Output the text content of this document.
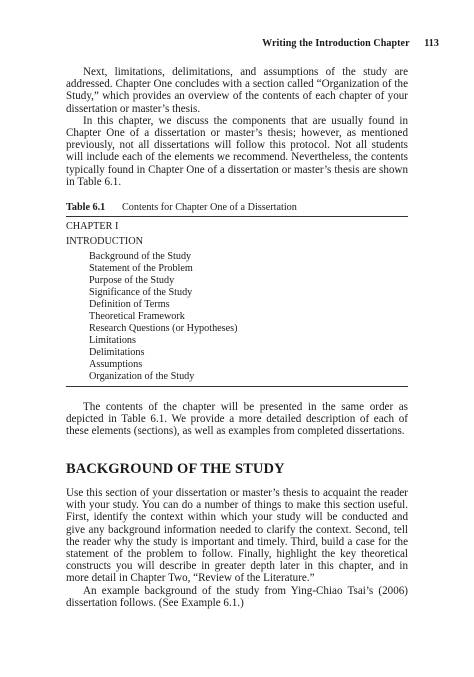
Writing the Introduction Chapter 113

Next, limitations, delimitations, and assumptions of the study are addressed. Chapter One concludes with a section called “Organization of the Study,” which provides an overview of the contents of each chapter of your dissertation or master’s thesis.

In this chapter, we discuss the components that are usually found in Chapter One of a dissertation or master’s thesis; however, as mentioned previously, not all dissertations will follow this protocol. Not all students will include each of the elements we recommend. Nevertheless, the contents typically found in Chapter One of a dissertation or master’s thesis are shown in Table 6.1.

Table 6.1 Contents for Chapter One of a Dissertation
CHAPTER I
INTRODUCTION
Background of the Study
Statement of the Problem
Purpose of the Study
Significance of the Study
Definition of Terms
Theoretical Framework
Research Questions (or Hypotheses)
Limitations
Delimitations
Assumptions
Organization of the Study

The contents of the chapter will be presented in the same order as depicted in Table 6.1. We provide a more detailed description of each of these elements (sections), as well as examples from completed dissertations.

BACKGROUND OF THE STUDY

Use this section of your dissertation or master’s thesis to acquaint the reader with your study. You can do a number of things to make this section useful. First, identify the context within which your study will be conducted and give any background information needed to clarify the context. Second, tell the reader why the study is important and timely. Third, build a case for the statement of the problem to follow. Finally, highlight the key theoretical constructs you will describe in greater depth later in this chapter, and in more detail in Chapter Two, “Review of the Literature.”

An example background of the study from Ying-Chiao Tsai’s (2006) dissertation follows. (See Example 6.1.)
